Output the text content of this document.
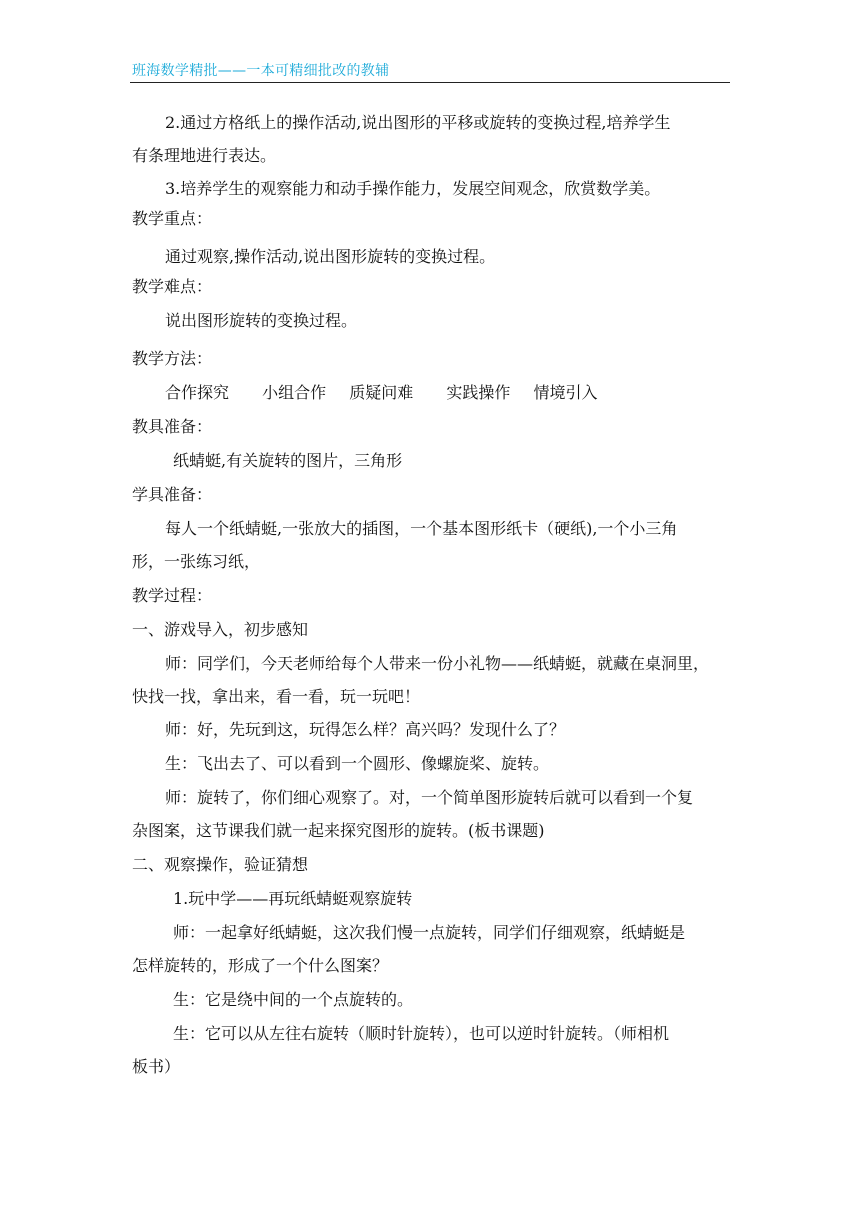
班海数学精批——一本可精细批改的教辅
2.通过方格纸上的操作活动,说出图形的平移或旋转的变换过程,培养学生
有条理地进行表达。
3.培养学生的观察能力和动手操作能力，发展空间观念，欣赏数学美。
教学重点：
通过观察,操作活动,说出图形旋转的变换过程。
教学难点：
说出图形旋转的变换过程。
教学方法：
合作探究 小组合作 质疑问难 实践操作 情境引入
教具准备：
纸蜻蜓,有关旋转的图片，三角形
学具准备：
每人一个纸蜻蜓,一张放大的插图，一个基本图形纸卡（硬纸),一个小三角
形，一张练习纸，
教学过程：
一、游戏导入，初步感知
师：同学们，今天老师给每个人带来一份小礼物——纸蜻蜓，就藏在桌洞里，
快找一找，拿出来，看一看，玩一玩吧！
师：好，先玩到这，玩得怎么样？高兴吗？发现什么了？
生：飞出去了、可以看到一个圆形、像螺旋桨、旋转。
师：旋转了，你们细心观察了。对，一个简单图形旋转后就可以看到一个复
杂图案，这节课我们就一起来探究图形的旋转。(板书课题)
二、观察操作，验证猜想
1.玩中学——再玩纸蜻蜓观察旋转
师：一起拿好纸蜻蜓，这次我们慢一点旋转，同学们仔细观察，纸蜻蜓是
怎样旋转的，形成了一个什么图案？
生：它是绕中间的一个点旋转的。
生：它可以从左往右旋转（顺时针旋转），也可以逆时针旋转。（师相机
板书）
